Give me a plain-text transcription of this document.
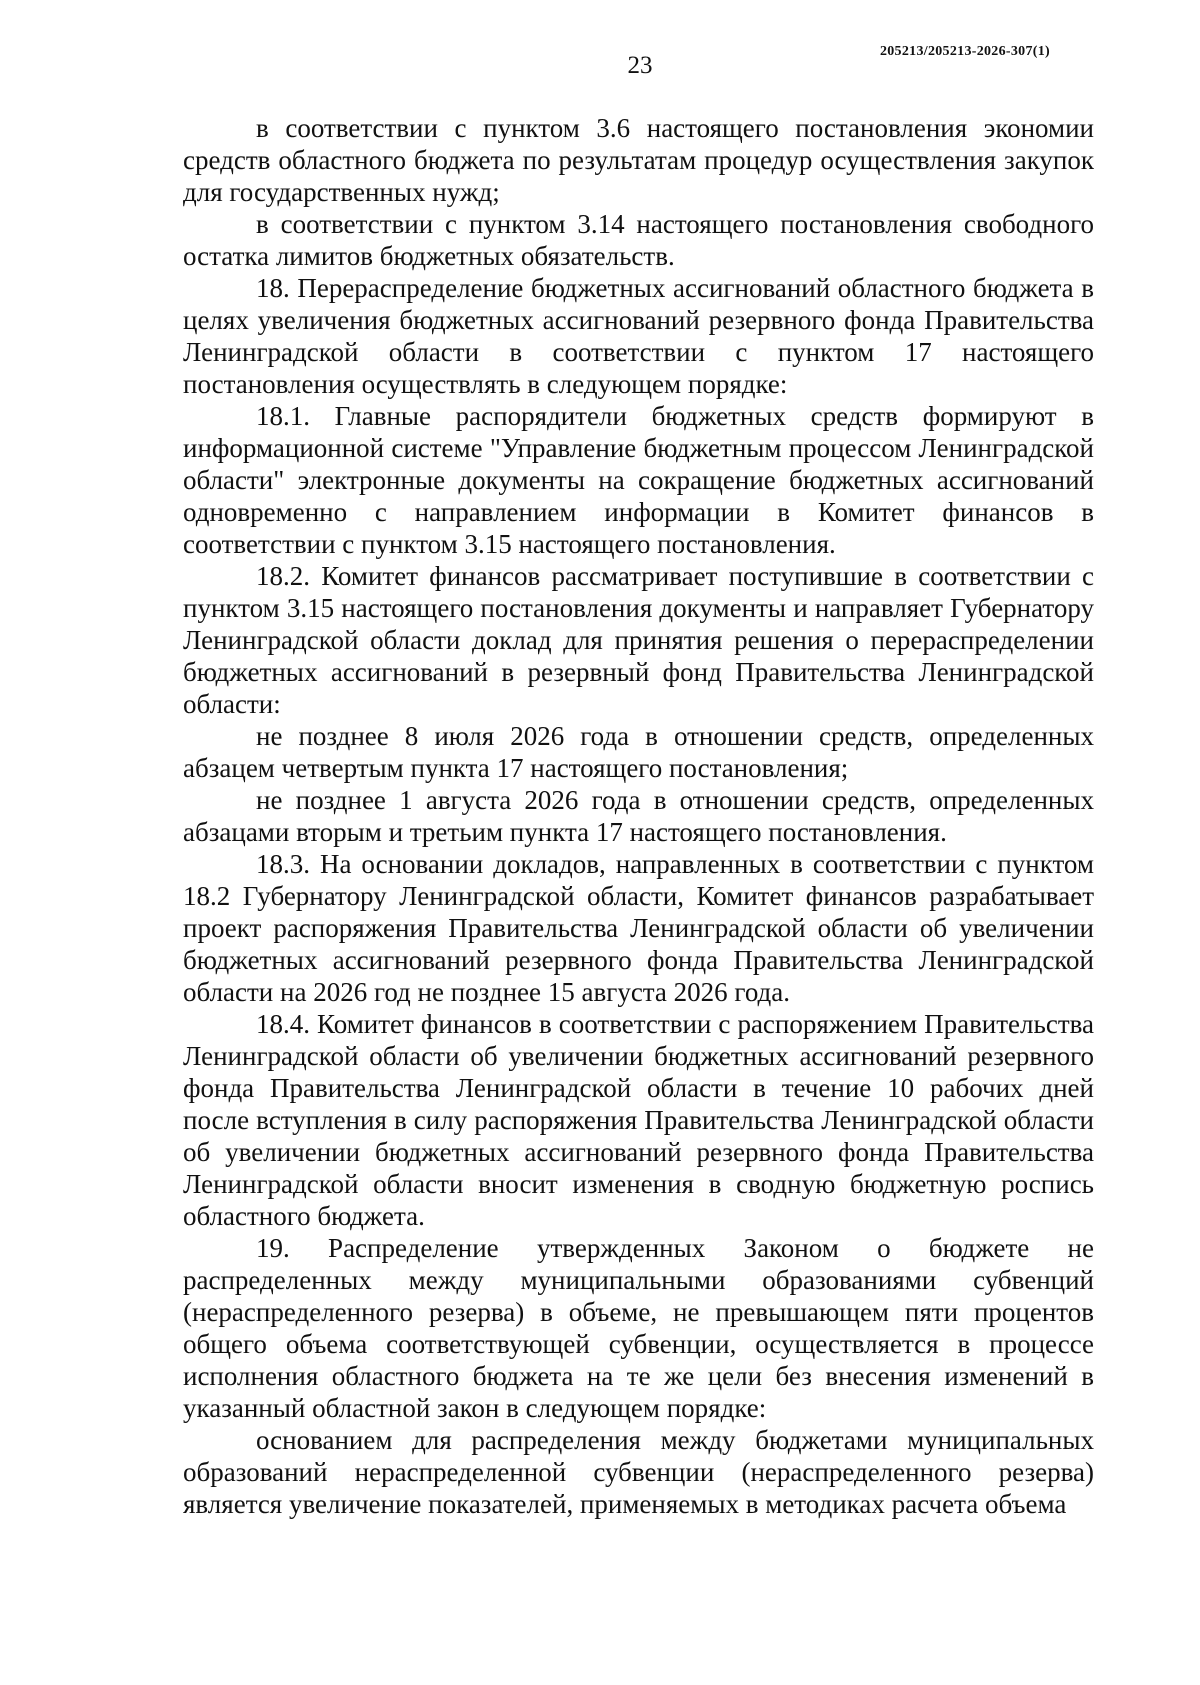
23
205213/205213-2026-307(1)

в соответствии с пунктом 3.6 настоящего постановления экономии средств областного бюджета по результатам процедур осуществления закупок для государственных нужд;

в соответствии с пунктом 3.14 настоящего постановления свободного остатка лимитов бюджетных обязательств.

18. Перераспределение бюджетных ассигнований областного бюджета в целях увеличения бюджетных ассигнований резервного фонда Правительства Ленинградской области в соответствии с пунктом 17 настоящего постановления осуществлять в следующем порядке:

18.1. Главные распорядители бюджетных средств формируют в информационной системе "Управление бюджетным процессом Ленинградской области" электронные документы на сокращение бюджетных ассигнований одновременно с направлением информации в Комитет финансов в соответствии с пунктом 3.15 настоящего постановления.

18.2. Комитет финансов рассматривает поступившие в соответствии с пунктом 3.15 настоящего постановления документы и направляет Губернатору Ленинградской области доклад для принятия решения о перераспределении бюджетных ассигнований в резервный фонд Правительства Ленинградской области:

не позднее 8 июля 2026 года в отношении средств, определенных абзацем четвертым пункта 17 настоящего постановления;

не позднее 1 августа 2026 года в отношении средств, определенных абзацами вторым и третьим пункта 17 настоящего постановления.

18.3. На основании докладов, направленных в соответствии с пунктом 18.2 Губернатору Ленинградской области, Комитет финансов разрабатывает проект распоряжения Правительства Ленинградской области об увеличении бюджетных ассигнований резервного фонда Правительства Ленинградской области на 2026 год не позднее 15 августа 2026 года.

18.4. Комитет финансов в соответствии с распоряжением Правительства Ленинградской области об увеличении бюджетных ассигнований резервного фонда Правительства Ленинградской области в течение 10 рабочих дней после вступления в силу распоряжения Правительства Ленинградской области об увеличении бюджетных ассигнований резервного фонда Правительства Ленинградской области вносит изменения в сводную бюджетную роспись областного бюджета.

19. Распределение утвержденных Законом о бюджете не распределенных между муниципальными образованиями субвенций (нераспределенного резерва) в объеме, не превышающем пяти процентов общего объема соответствующей субвенции, осуществляется в процессе исполнения областного бюджета на те же цели без внесения изменений в указанный областной закон в следующем порядке:

основанием для распределения между бюджетами муниципальных образований нераспределенной субвенции (нераспределенного резерва) является увеличение показателей, применяемых в методиках расчета объема
